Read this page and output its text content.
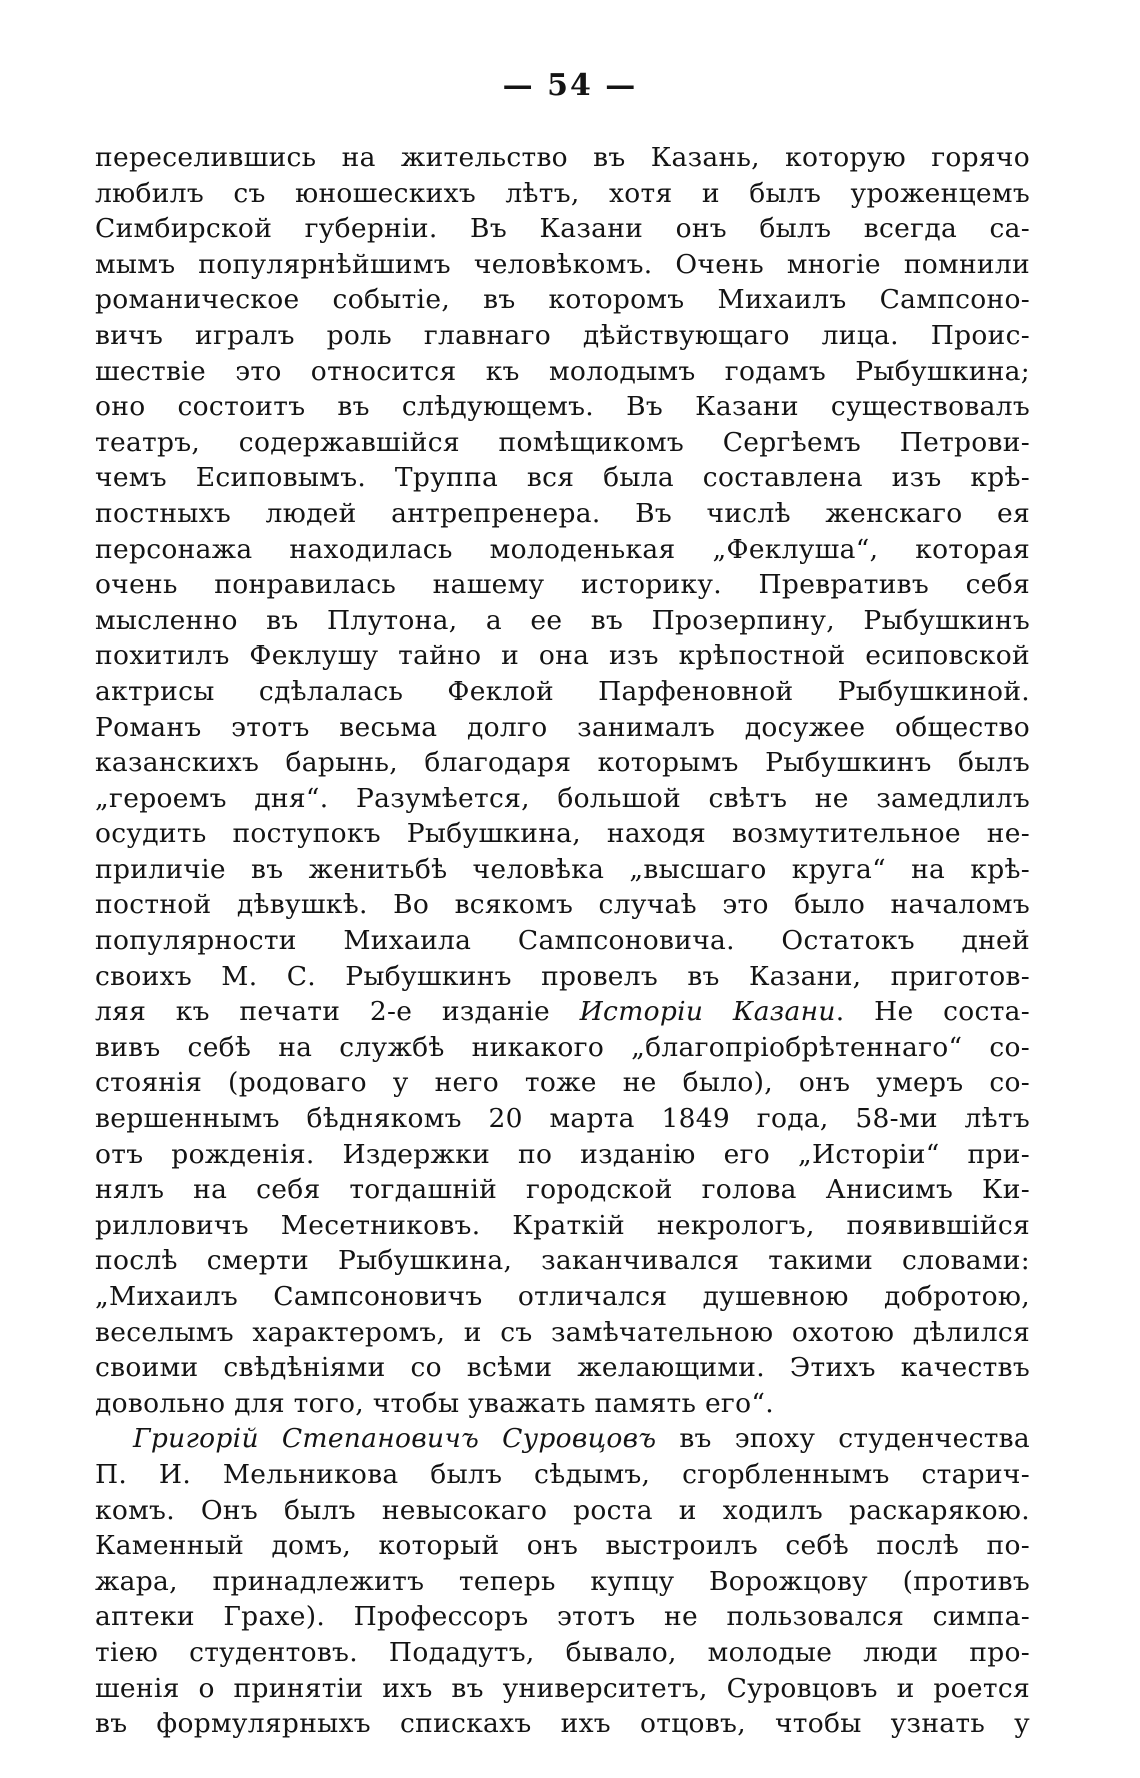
— 54 —
переселившись на жительство въ Казань, которую горячо
любилъ съ юношескихъ лѣтъ, хотя и былъ уроженцемъ
Симбирской губерніи. Въ Казани онъ былъ всегда са-
мымъ популярнѣйшимъ человѣкомъ. Очень многіе помнили
романическое событіе, въ которомъ Михаилъ Сампсоно-
вичъ игралъ роль главнаго дѣйствующаго лица. Проис-
шествіе это относится къ молодымъ годамъ Рыбушкина;
оно состоитъ въ слѣдующемъ. Въ Казани существовалъ
театръ, содержавшійся помѣщикомъ Сергѣемъ Петрови-
чемъ Есиповымъ. Труппа вся была составлена изъ крѣ-
постныхъ людей антрепренера. Въ числѣ женскаго ея
персонажа находилась молоденькая „Феклуша“, которая
очень понравилась нашему историку. Превративъ себя
мысленно въ Плутона, а ее въ Прозерпину, Рыбушкинъ
похитилъ Феклушу тайно и она изъ крѣпостной есиповской
актрисы сдѣлалась Феклой Парфеновной Рыбушкиной.
Романъ этотъ весьма долго занималъ досужее общество
казанскихъ барынь, благодаря которымъ Рыбушкинъ былъ
„героемъ дня“. Разумѣется, большой свѣтъ не замедлилъ
осудить поступокъ Рыбушкина, находя возмутительное не-
приличіе въ женитьбѣ человѣка „высшаго круга“ на крѣ-
постной дѣвушкѣ. Во всякомъ случаѣ это было началомъ
популярности Михаила Сампсоновича. Остатокъ дней
своихъ М. С. Рыбушкинъ провелъ въ Казани, приготов-
ляя къ печати 2-е изданіе Исторіи Казани. Не соста-
вивъ себѣ на службѣ никакого „благопріобрѣтеннаго“ со-
стоянія (родоваго у него тоже не было), онъ умеръ со-
вершеннымъ бѣднякомъ 20 марта 1849 года, 58-ми лѣтъ
отъ рожденія. Издержки по изданію его „Исторіи“ при-
нялъ на себя тогдашній городской голова Анисимъ Ки-
рилловичъ Месетниковъ. Краткій некрологъ, появившійся
послѣ смерти Рыбушкина, заканчивался такими словами:
„Михаилъ Сампсоновичъ отличался душевною добротою,
веселымъ характеромъ, и съ замѣчательною охотою дѣлился
своими свѣдѣніями со всѣми желающими. Этихъ качествъ
довольно для того, чтобы уважать память его“.
Григорій Степановичъ Суровцовъ въ эпоху студенчества
П. И. Мельникова былъ сѣдымъ, сгорбленнымъ старич-
комъ. Онъ былъ невысокаго роста и ходилъ раскарякою.
Каменный домъ, который онъ выстроилъ себѣ послѣ по-
жара, принадлежитъ теперь купцу Ворожцову (противъ
аптеки Грахе). Профессоръ этотъ не пользовался симпа-
тіею студентовъ. Подадутъ, бывало, молодые люди про-
шенія о принятіи ихъ въ университетъ, Суровцовъ и роется
въ формулярныхъ спискахъ ихъ отцовъ, чтобы узнать у
